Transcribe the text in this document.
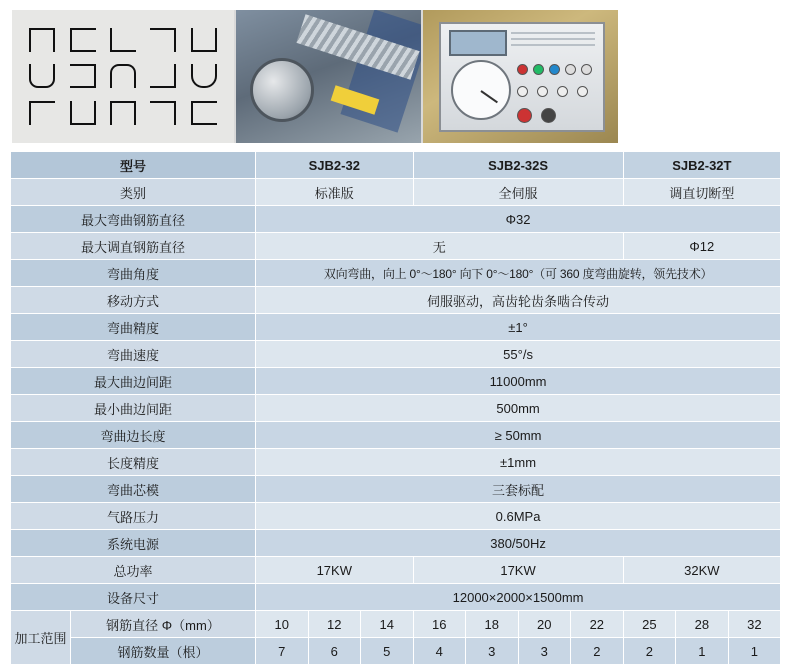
型号		SJB2-32			SJB2-32S				SJB2-32T		
类别		标准版			全伺服				调直切断型		
最大弯曲钢筋直径		Φ32									
最大调直钢筋直径		无							Φ12		
弯曲角度		双向弯曲，向上 0°～180° 向下 0°～180°（可 360 度弯曲旋转，领先技术）									
移动方式		伺服驱动，高齿轮齿条啮合传动									
弯曲精度		±1°									
弯曲速度		55°/s									
最大曲边间距		11000mm									
最小曲边间距		500mm									
弯曲边长度		≥ 50mm									
长度精度		±1mm									
弯曲芯模		三套标配									
气路压力		0.6MPa									
系统电源		380/50Hz									
总功率		17KW			17KW				32KW		
设备尺寸		12000×2000×1500mm									
加工范围	钢筋直径 Φ（mm）	10	12	14	16	18	20	22	25	28	32
	钢筋数量（根）	7	6	5	4	3	3	2	2	1	1
